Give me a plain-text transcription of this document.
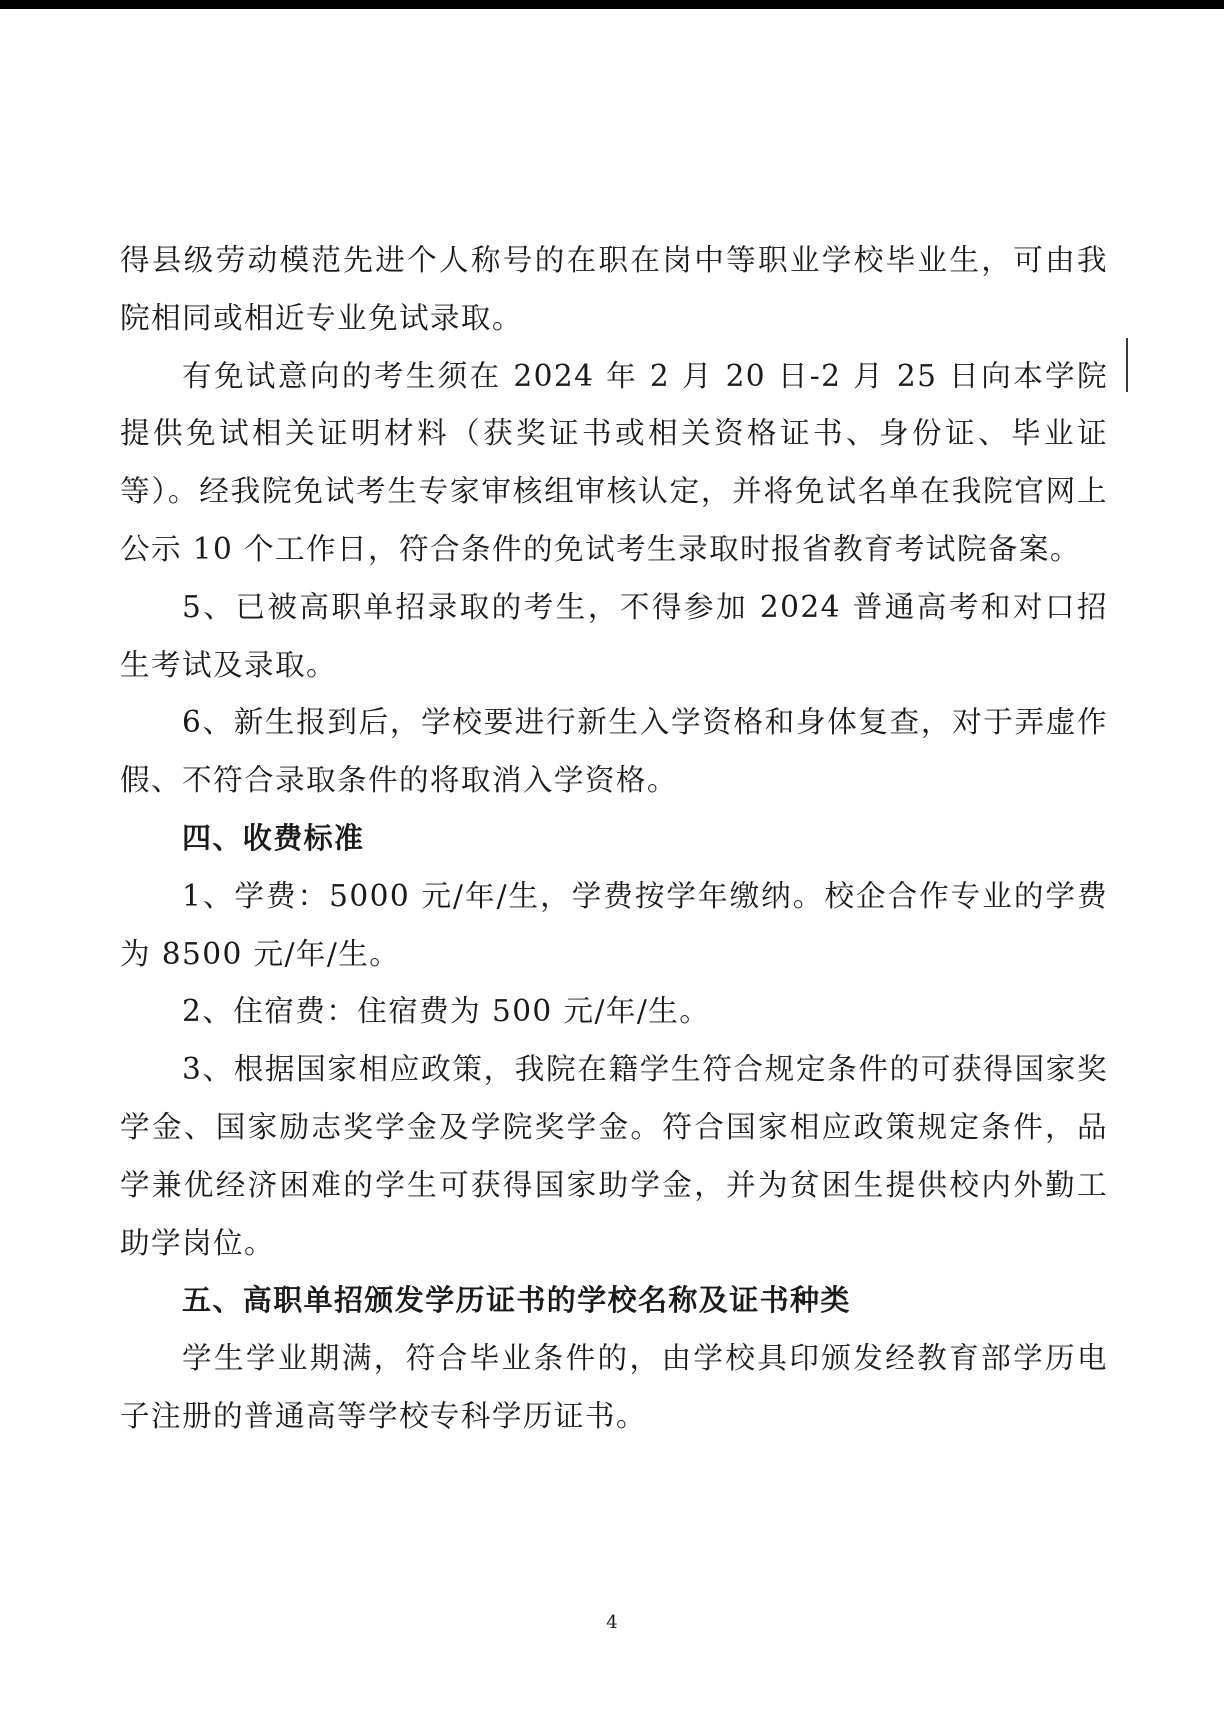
得县级劳动模范先进个人称号的在职在岗中等职业学校毕业生，可由我院相同或相近专业免试录取。

有免试意向的考生须在 2024 年 2 月 20 日-2 月 25 日向本学院提供免试相关证明材料（获奖证书或相关资格证书、身份证、毕业证等）。经我院免试考生专家审核组审核认定，并将免试名单在我院官网上公示 10 个工作日，符合条件的免试考生录取时报省教育考试院备案。

5、已被高职单招录取的考生，不得参加 2024 普通高考和对口招生考试及录取。

6、新生报到后，学校要进行新生入学资格和身体复查，对于弄虚作假、不符合录取条件的将取消入学资格。

四、收费标准

1、学费：5000 元/年/生，学费按学年缴纳。校企合作专业的学费为 8500 元/年/生。

2、住宿费：住宿费为 500 元/年/生。

3、根据国家相应政策，我院在籍学生符合规定条件的可获得国家奖学金、国家励志奖学金及学院奖学金。符合国家相应政策规定条件，品学兼优经济困难的学生可获得国家助学金，并为贫困生提供校内外勤工助学岗位。

五、高职单招颁发学历证书的学校名称及证书种类

学生学业期满，符合毕业条件的，由学校具印颁发经教育部学历电子注册的普通高等学校专科学历证书。

4
